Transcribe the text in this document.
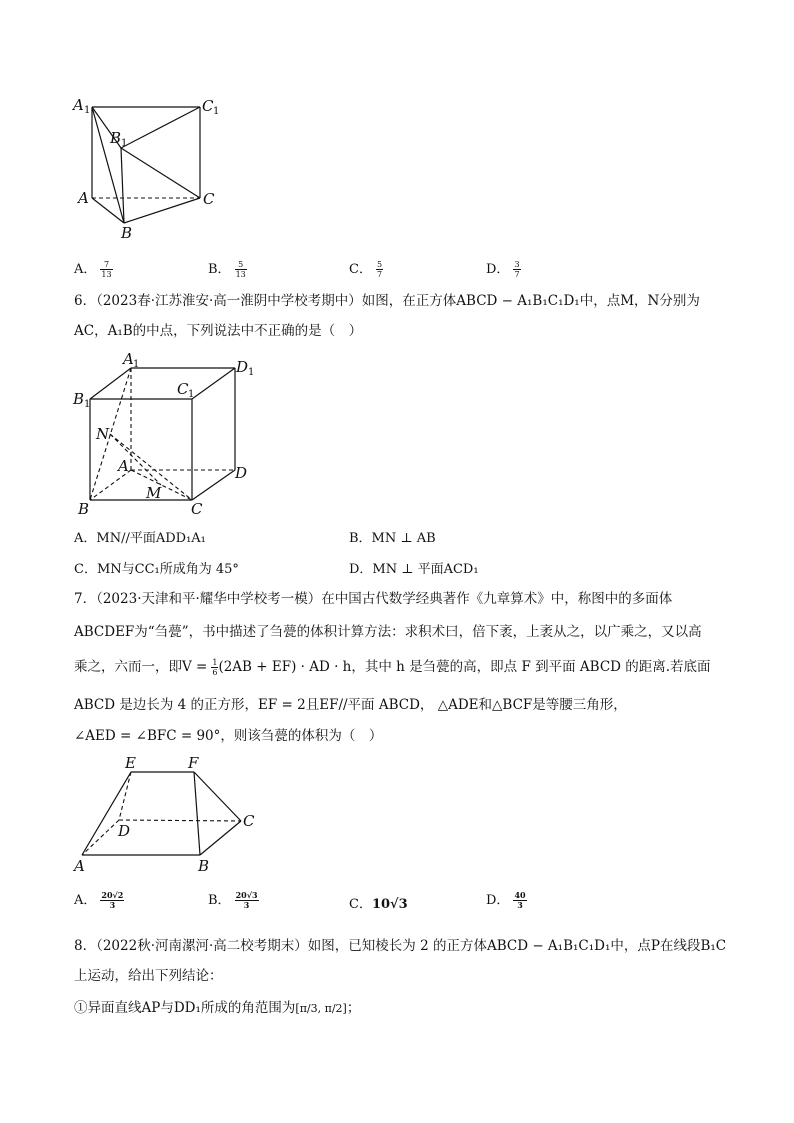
A 1	C 1
B 1
A	C
B
A． $\frac{7}{13}$	B． $\frac{5}{13}$	C． $\frac{5}{7}$	D． $\frac{3}{7}$
6．（2023春·江苏淮安·高一淮阴中学校考期中）如图，在正方体ABCD − A₁B₁C₁D₁中，点M，N分别为
AC，A₁B的中点，下列说法中不正确的是（　）
A 1	D 1
B 1
C 1
N
A	D
B
M
C
A．MN//平面ADD₁A₁	B．MN ⊥ AB
C．MN与CC₁所成角为 45°	D．MN ⊥ 平面ACD₁
7．（2023·天津和平·耀华中学校考一模）在中国古代数学经典著作《九章算术》中，称图中的多面体
ABCDEF为“刍甍”，书中描述了刍甍的体积计算方法：求积术曰，倍下袤，上袤从之，以广乘之，又以高
乘之，六而一，即$V = \frac{1}{6} (2AB + EF)$ · AD · h，其中 h 是刍甍的高，即点 F 到平面 ABCD 的距离.若底面
ABCD 是边长为 4 的正方形，EF = 2且EF//平面 ABCD， △ADE和△BCF是等腰三角形，
∠AED = ∠BFC = 90°，则该刍甍的体积为（　）
E	F
D
C
A	B
A． $\frac{20√2}{3}$	B． $\frac{20√3}{3}$	C．10√3	D． $\frac{40}{3}$
8．（2022秋·河南漯河·高二校考期末）如图，已知棱长为 2 的正方体ABCD − A₁B₁C₁D₁中，点P在线段B₁C
上运动，给出下列结论：
①异面直线AP与DD₁所成的角范围为[π/3, π/2]；
